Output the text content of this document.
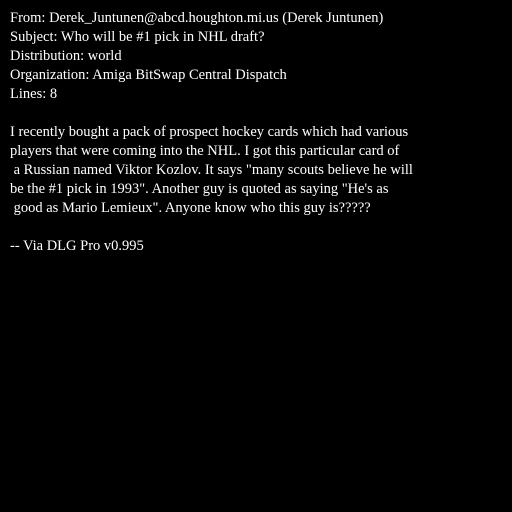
From: Derek_Juntunen@abcd.houghton.mi.us (Derek Juntunen)
Subject: Who will be #1 pick in NHL draft?
Distribution: world
Organization: Amiga BitSwap Central Dispatch
Lines: 8
I recently bought a pack of prospect hockey cards which had various
players that were coming into the NHL. I got this particular card of
a Russian named Viktor Kozlov. It says "many scouts believe he will
be the #1 pick in 1993". Another guy is quoted as saying "He's as
good as Mario Lemieux". Anyone know who this guy is?????
-- Via DLG Pro v0.995
